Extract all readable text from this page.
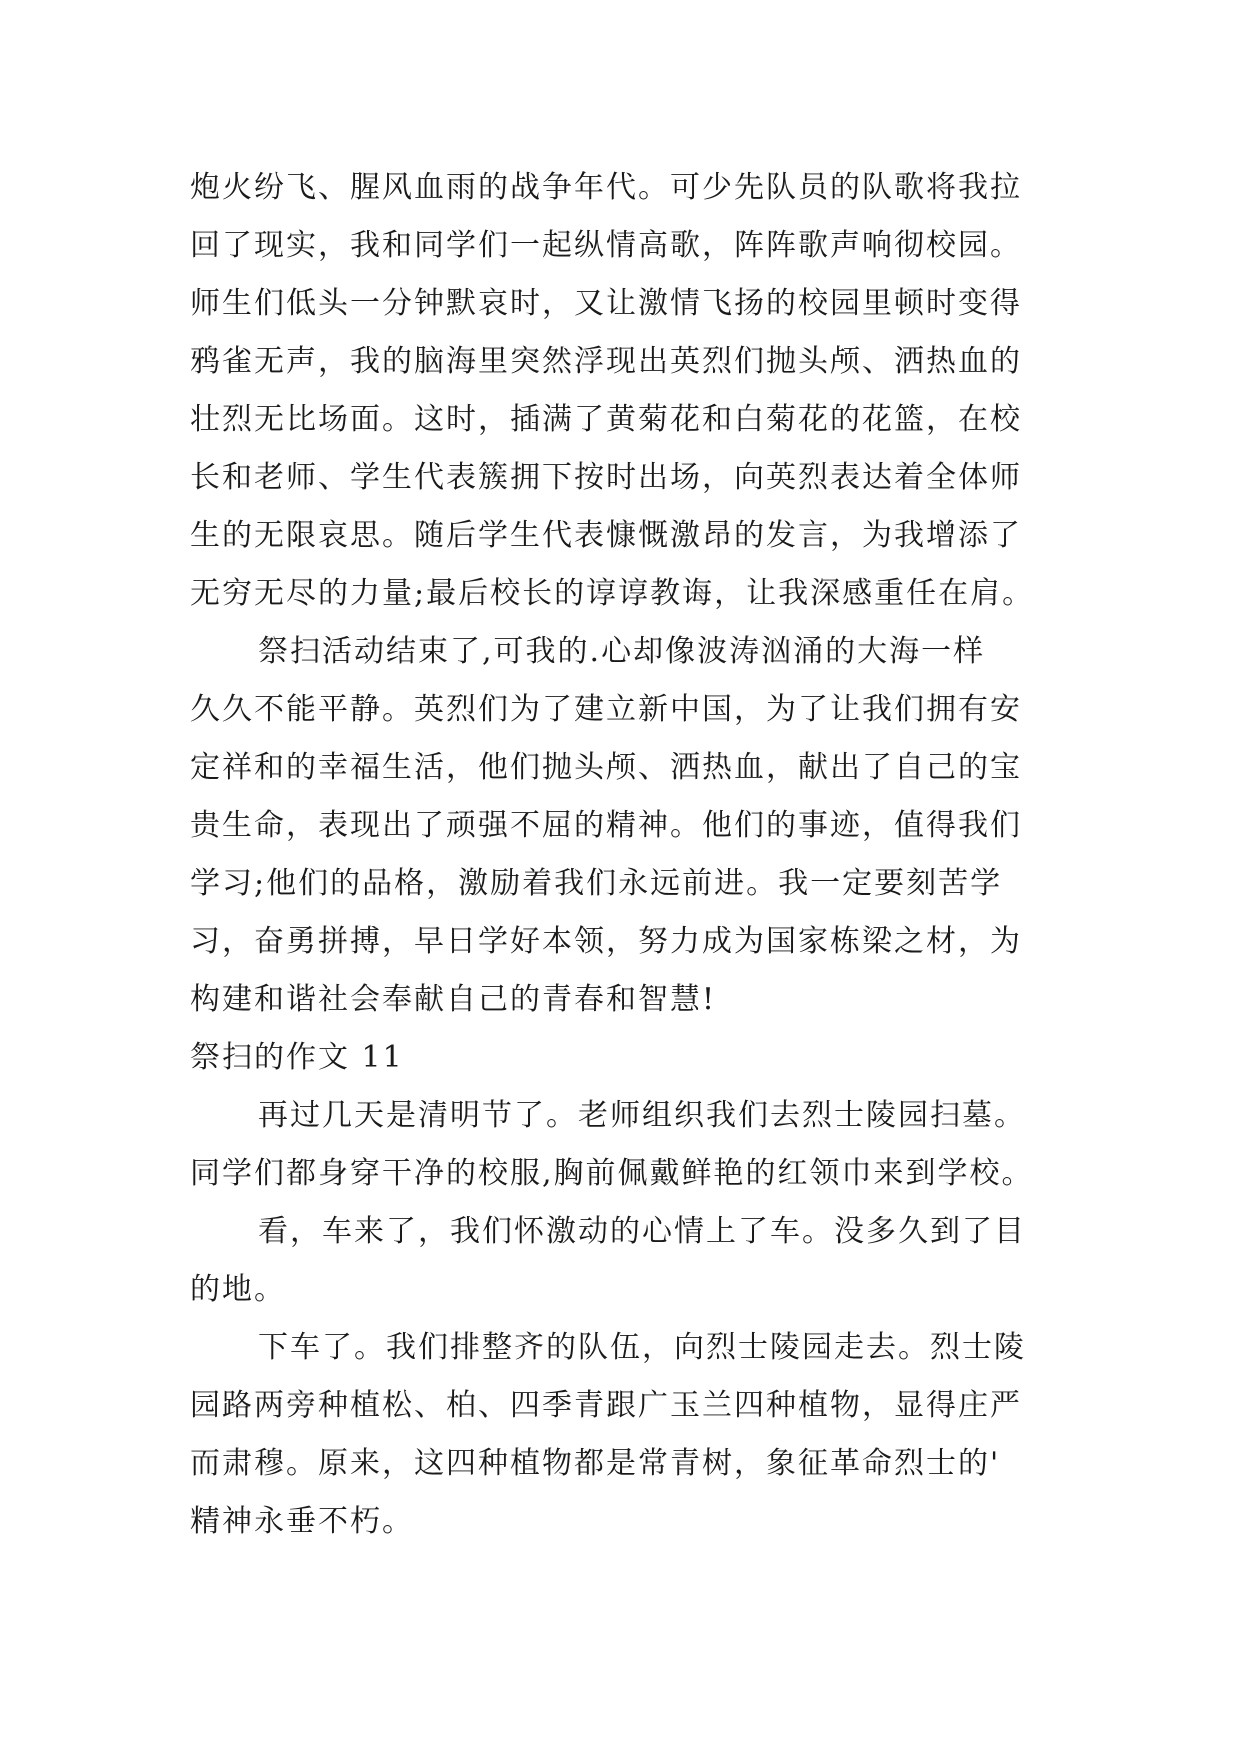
炮火纷飞、腥风血雨的战争年代。可少先队员的队歌将我拉
回了现实，我和同学们一起纵情高歌，阵阵歌声响彻校园。
师生们低头一分钟默哀时，又让激情飞扬的校园里顿时变得
鸦雀无声，我的脑海里突然浮现出英烈们抛头颅、洒热血的
壮烈无比场面。这时，插满了黄菊花和白菊花的花篮，在校
长和老师、学生代表簇拥下按时出场，向英烈表达着全体师
生的无限哀思。随后学生代表慷慨激昂的发言，为我增添了
无穷无尽的力量;最后校长的谆谆教诲，让我深感重任在肩。
祭扫活动结束了,可我的.心却像波涛汹涌的大海一样
久久不能平静。英烈们为了建立新中国，为了让我们拥有安
定祥和的幸福生活，他们抛头颅、洒热血，献出了自己的宝
贵生命，表现出了顽强不屈的精神。他们的事迹，值得我们
学习;他们的品格，激励着我们永远前进。我一定要刻苦学
习，奋勇拼搏，早日学好本领，努力成为国家栋梁之材，为
构建和谐社会奉献自己的青春和智慧!
祭扫的作文 11
再过几天是清明节了。老师组织我们去烈士陵园扫墓。
同学们都身穿干净的校服,胸前佩戴鲜艳的红领巾来到学校。
看，车来了，我们怀激动的心情上了车。没多久到了目
的地。
下车了。我们排整齐的队伍，向烈士陵园走去。烈士陵
园路两旁种植松、柏、四季青跟广玉兰四种植物，显得庄严
而肃穆。原来，这四种植物都是常青树，象征革命烈士的'
精神永垂不朽。
